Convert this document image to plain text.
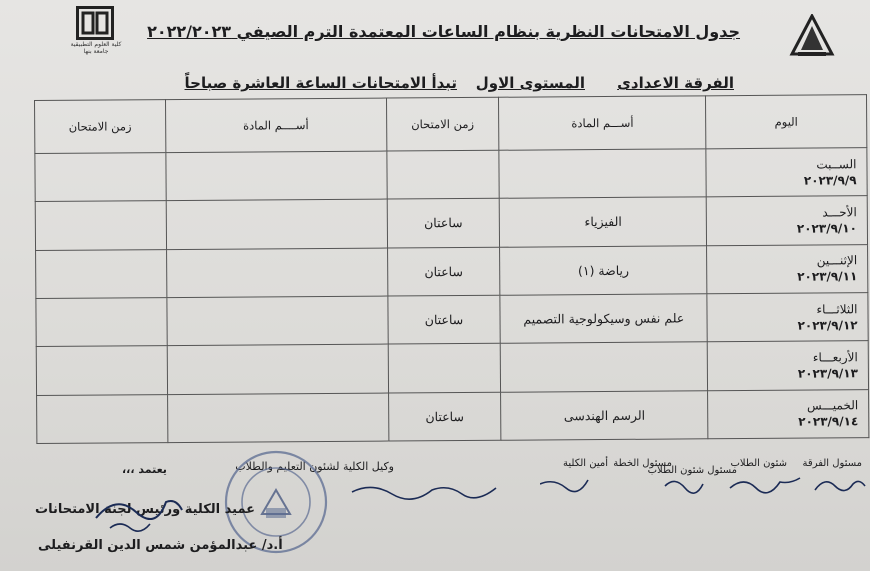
كلية العلوم التطبيقية جامعة بنها
جدول الامتحانات النظرية بنظام الساعات المعتمدة الترم الصيفي ٢٠٢٢/٢٠٢٣
الفرقة الاعدادى
المستوى الاول
تبدأ الامتحانات الساعة العاشرة صباحاً
اليوم	أســـم المادة	زمن الامتحان	أســــم المادة	زمن الامتحان

الســبت
٢٠٢٣/٩/٩				

الأحـــد
٢٠٢٣/٩/١٠	الفيزياء	ساعتان		

الإثنـــين
٢٠٢٣/٩/١١	رياضة (١)	ساعتان		

الثلاثـــاء
٢٠٢٣/٩/١٢	علم نفس وسيكولوجية التصميم	ساعتان		

الأربعـــاء
٢٠٢٣/٩/١٣				

الخميـــس
٢٠٢٣/٩/١٤	الرسم الهندسى	ساعتان		
مسئول الفرقة
شئون الطلاب
مسئول شئون الطلاب
مسئول الخطة
أمين الكلية
وكيل الكلية لشئون التعليم والطلاب
يعتمد ،،،
عميد الكلية ورئيس لجنة الامتحانات
أ.د/ عبدالمؤمن شمس الدين القرنفيلى
